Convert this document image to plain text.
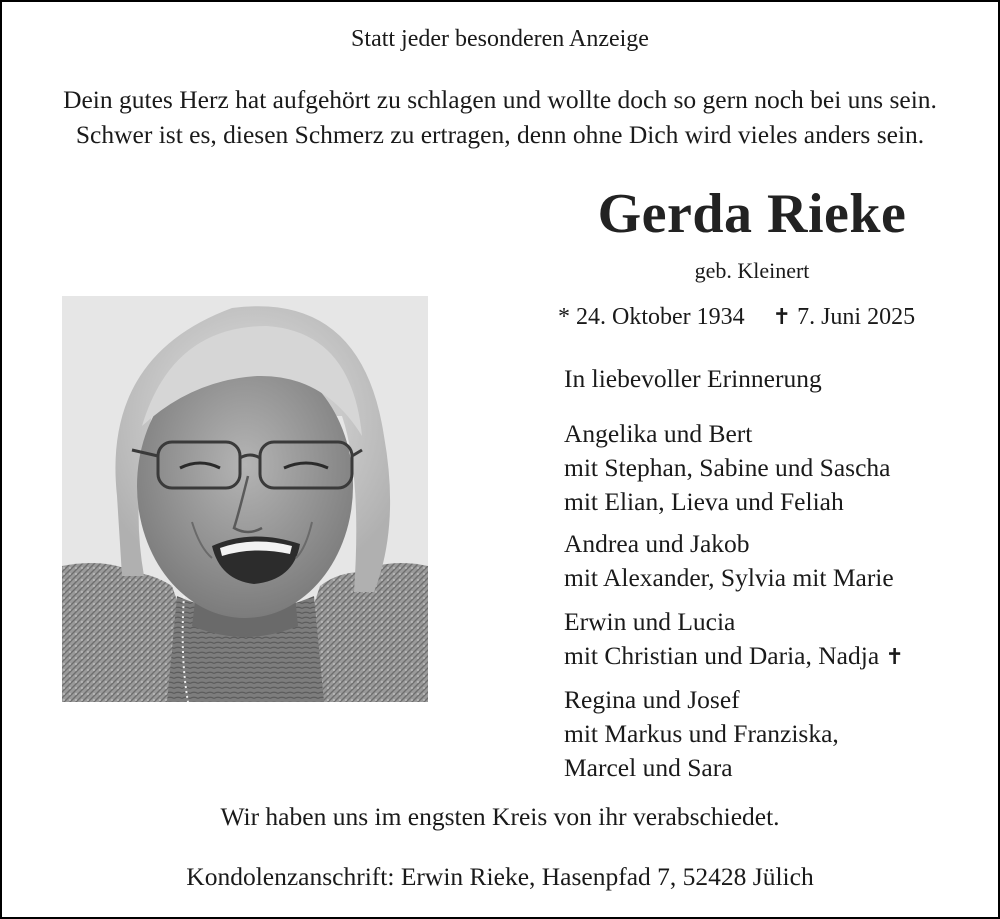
Statt jeder besonderen Anzeige
Dein gutes Herz hat aufgehört zu schlagen und wollte doch so gern noch bei uns sein.
Schwer ist es, diesen Schmerz zu ertragen, denn ohne Dich wird vieles anders sein.
Gerda Rieke
geb. Kleinert
* 24. Oktober 1934 ✝ 7. Juni 2025
In liebevoller Erinnerung
Angelika und Bert
mit Stephan, Sabine und Sascha
mit Elian, Lieva und Feliah
Andrea und Jakob
mit Alexander, Sylvia mit Marie
Erwin und Lucia
mit Christian und Daria, Nadja ✝
Regina und Josef
mit Markus und Franziska,
Marcel und Sara
Wir haben uns im engsten Kreis von ihr verabschiedet.
Kondolenzanschrift: Erwin Rieke, Hasenpfad 7, 52428 Jülich
